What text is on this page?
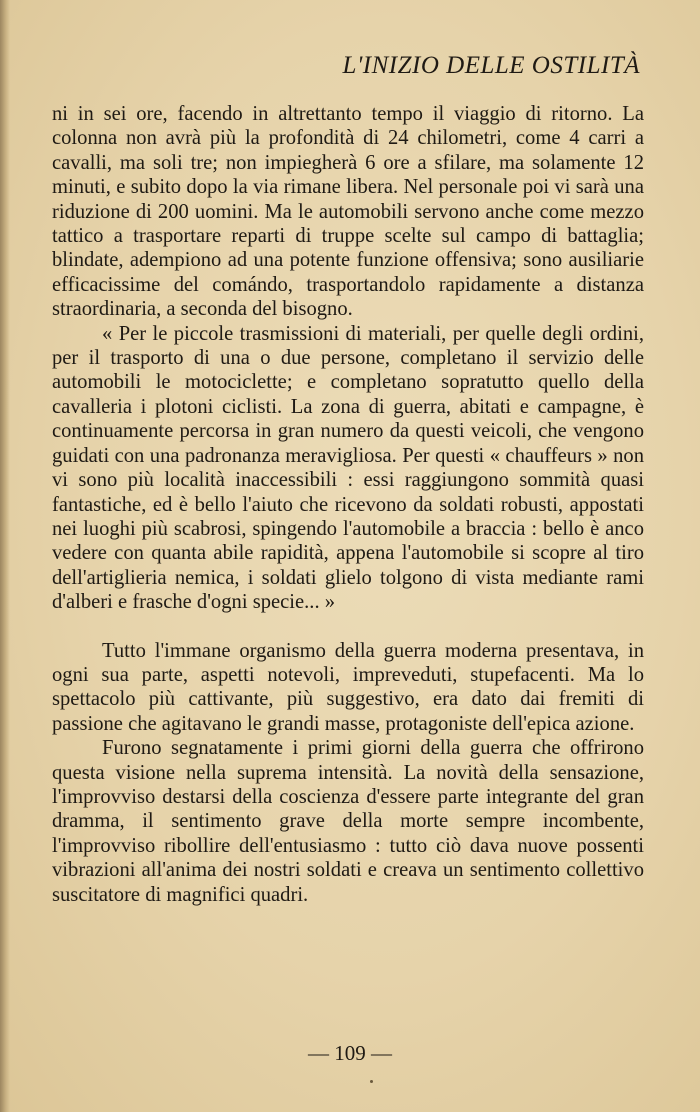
L'INIZIO DELLE OSTILITÀ

ni in sei ore, facendo in altrettanto tempo il viaggio di ritorno. La colonna non avrà più la profondità di 24 chilometri, come 4 carri a cavalli, ma soli tre; non impiegherà 6 ore a sfilare, ma solamente 12 minuti, e subito dopo la via rimane libera. Nel personale poi vi sarà una riduzione di 200 uomini. Ma le automobili servono anche come mezzo tattico a trasportare reparti di truppe scelte sul campo di battaglia; blindate, adempiono ad una potente funzione offensiva; sono ausiliarie efficacissime del comándo, trasportandolo rapidamente a distanza straordinaria, a seconda del bisogno.

« Per le piccole trasmissioni di materiali, per quelle degli ordini, per il trasporto di una o due persone, completano il servizio delle automobili le motociclette; e completano sopratutto quello della cavalleria i plotoni ciclisti. La zona di guerra, abitati e campagne, è continuamente percorsa in gran numero da questi veicoli, che vengono guidati con una padronanza meravigliosa. Per questi « chauffeurs » non vi sono più località inaccessibili : essi raggiungono sommità quasi fantastiche, ed è bello l'aiuto che ricevono da soldati robusti, appostati nei luoghi più scabrosi, spingendo l'automobile a braccia : bello è anco vedere con quanta abile rapidità, appena l'automobile si scopre al tiro dell'artiglieria nemica, i soldati glielo tolgono di vista mediante rami d'alberi e frasche d'ogni specie... »

Tutto l'immane organismo della guerra moderna presentava, in ogni sua parte, aspetti notevoli, impreveduti, stupefacenti. Ma lo spettacolo più cattivante, più suggestivo, era dato dai fremiti di passione che agitavano le grandi masse, protagoniste dell'epica azione.

Furono segnatamente i primi giorni della guerra che offrirono questa visione nella suprema intensità. La novità della sensazione, l'improvviso destarsi della coscienza d'essere parte integrante del gran dramma, il sentimento grave della morte sempre incombente, l'improvviso ribollire dell'entusiasmo : tutto ciò dava nuove possenti vibrazioni all'anima dei nostri soldati e creava un sentimento collettivo suscitatore di magnifici quadri.

— 109 —
